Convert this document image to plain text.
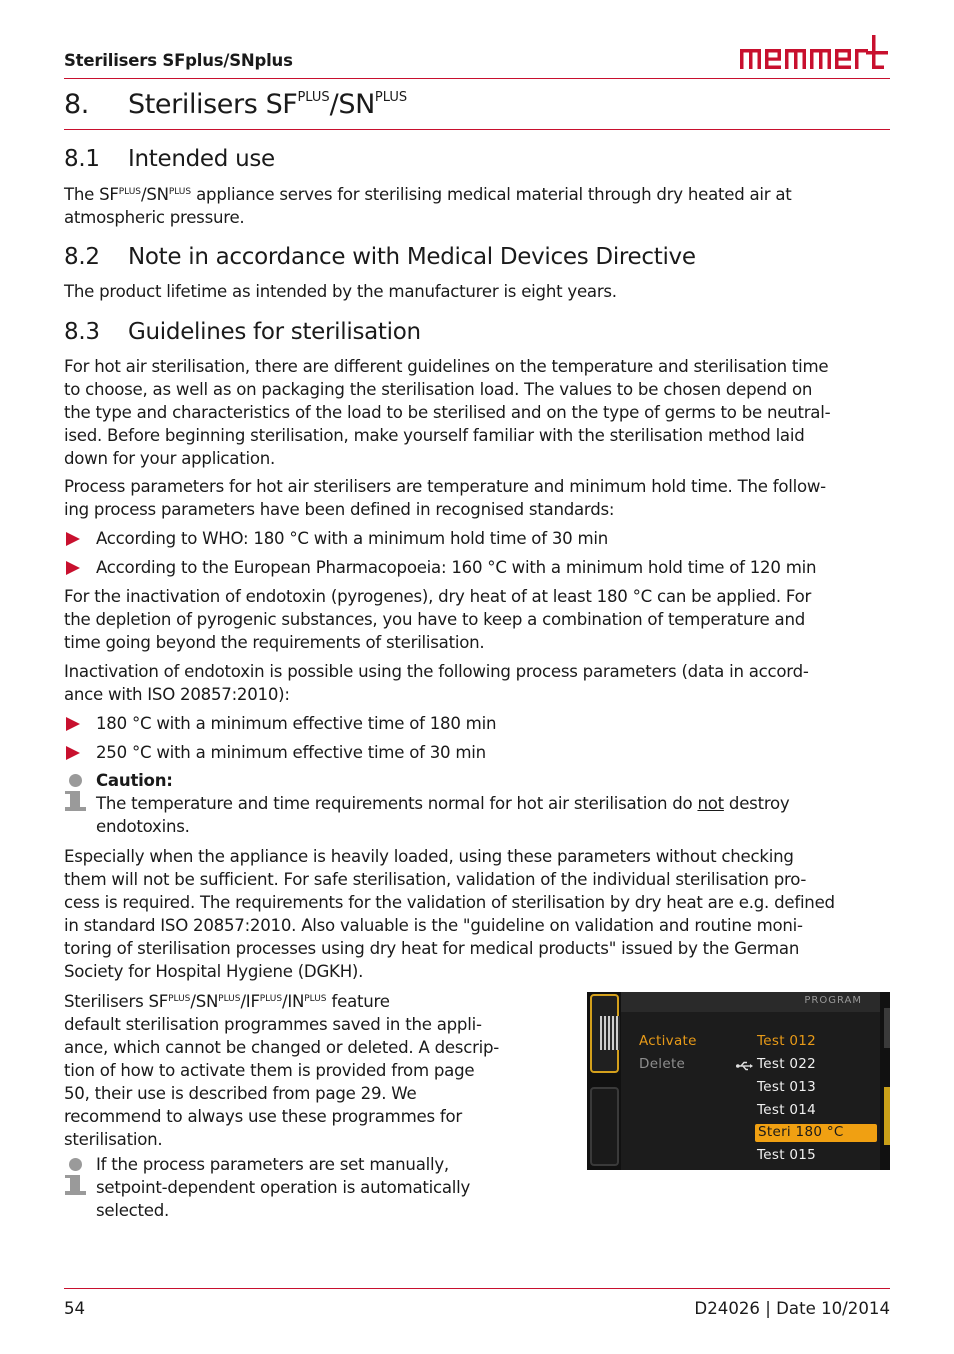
Sterilisers SFplus/SNplus
8. Sterilisers $SF^{PLUS}/SN^{PLUS}$
8.1 Intended use
The $SF^{PLUS}/SN^{PLUS}$ appliance serves for sterilising medical material through dry heated air at
atmospheric pressure.
8.2 Note in accordance with Medical Devices Directive
The product lifetime as intended by the manufacturer is eight years.
8.3 Guidelines for sterilisation
For hot air sterilisation, there are different guidelines on the temperature and sterilisation time
to choose, as well as on packaging the sterilisation load. The values to be chosen depend on
the type and characteristics of the load to be sterilised and on the type of germs to be neutral-
ised. Before beginning sterilisation, make yourself familiar with the sterilisation method laid
down for your application.
Process parameters for hot air sterilisers are temperature and minimum hold time. The follow-
ing process parameters have been defined in recognised standards:
According to WHO: 180 °C with a minimum hold time of 30 min
According to the European Pharmacopoeia: 160 °C with a minimum hold time of 120 min
For the inactivation of endotoxin (pyrogenes), dry heat of at least 180 °C can be applied. For
the depletion of pyrogenic substances, you have to keep a combination of temperature and
time going beyond the requirements of sterilisation.
Inactivation of endotoxin is possible using the following process parameters (data in accord-
ance with ISO 20857:2010):
180 °C with a minimum effective time of 180 min
250 °C with a minimum effective time of 30 min
Caution:
The temperature and time requirements normal for hot air sterilisation do not destroy
endotoxins.
Especially when the appliance is heavily loaded, using these parameters without checking
them will not be sufficient. For safe sterilisation, validation of the individual sterilisation pro-
cess is required. The requirements for the validation of sterilisation by dry heat are e.g. defined
in standard ISO 20857:2010. Also valuable is the "guideline on validation and routine moni-
toring of sterilisation processes using dry heat for medical products" issued by the German
Society for Hospital Hygiene (DGKH).
Sterilisers $SF^{PLUS}/SN^{PLUS}/IF^{PLUS}/IN^{PLUS}$ feature
default sterilisation programmes saved in the appli-
ance, which cannot be changed or deleted. A descrip-
tion of how to activate them is provided from page
50, their use is described from page 29. We
recommend to always use these programmes for
sterilisation.
If the process parameters are set manually,
setpoint-dependent operation is automatically
selected.
PROGRAM
Activate
Delete
Test 012
Test 022
Test 013
Test 014
Steri 180 °C
Test 015
54	D24026 | Date 10/2014
